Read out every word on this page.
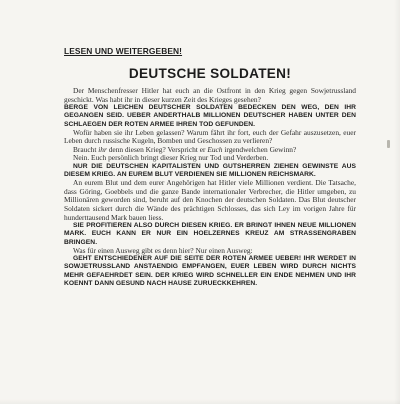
LESEN UND WEITERGEBEN!
DEUTSCHE SOLDATEN!

Der Menschenfresser Hitler hat euch an die Ostfront in den Krieg gegen Sowjetrussland geschickt. Was habt ihr in dieser kurzen Zeit des Krieges gesehen?

BERGE VON LEICHEN DEUTSCHER SOLDATEN BEDECKEN DEN WEG, DEN IHR GEGANGEN SEID. UEBER ANDERTHALB MILLIONEN DEUTSCHER HABEN UNTER DEN SCHLAEGEN DER ROTEN ARMEE IHREN TOD GEFUNDEN.

Wofür haben sie ihr Leben gelassen? Warum fährt ihr fort, euch der Gefahr auszusetzen, euer Leben durch russische Kugeln, Bomben und Geschossen zu verlieren?

Braucht ihr denn diesen Krieg? Verspricht er Euch irgendwelchen Gewinn?

Nein. Euch persönlich bringt dieser Krieg nur Tod und Verderben.

NUR DIE DEUTSCHEN KAPITALISTEN UND GUTSHERREN ZIEHEN GEWINSTE AUS DIESEM KRIEG. AN EUREM BLUT VERDIENEN SIE MILLIONEN REICHSMARK.

An eurem Blut und dem eurer Angehörigen hat Hitler viele Millionen verdient. Die Tatsache, dass Göring, Goebbels und die ganze Bande internationaler Verbrecher, die Hitler umgeben, zu Millionären geworden sind, beruht auf den Knochen der deutschen Soldaten. Das Blut deutscher Soldaten sickert durch die Wände des prächtigen Schlosses, das sich Ley im vorigen Jahre für hunderttausend Mark bauen liess.

SIE PROFITIEREN ALSO DURCH DIESEN KRIEG. ER BRINGT IHNEN NEUE MILLIONEN MARK. EUCH KANN ER NUR EIN HOELZERNES KREUZ AM STRASSENGRABEN BRINGEN.

Was für einen Ausweg gibt es denn hier? Nur einen Ausweg:

GEHT ENTSCHIEDENER AUF DIE SEITE DER ROTEN ARMEE UEBER! IHR WERDET IN SOWJETRUSSLAND ANSTAENDIG EMPFANGEN, EUER LEBEN WIRD DURCH NICHTS MEHR GEFAEHRDET SEIN. DER KRIEG WIRD SCHNELLER EIN ENDE NEHMEN UND IHR KOENNT DANN GESUND NACH HAUSE ZURUECKKEHREN.
